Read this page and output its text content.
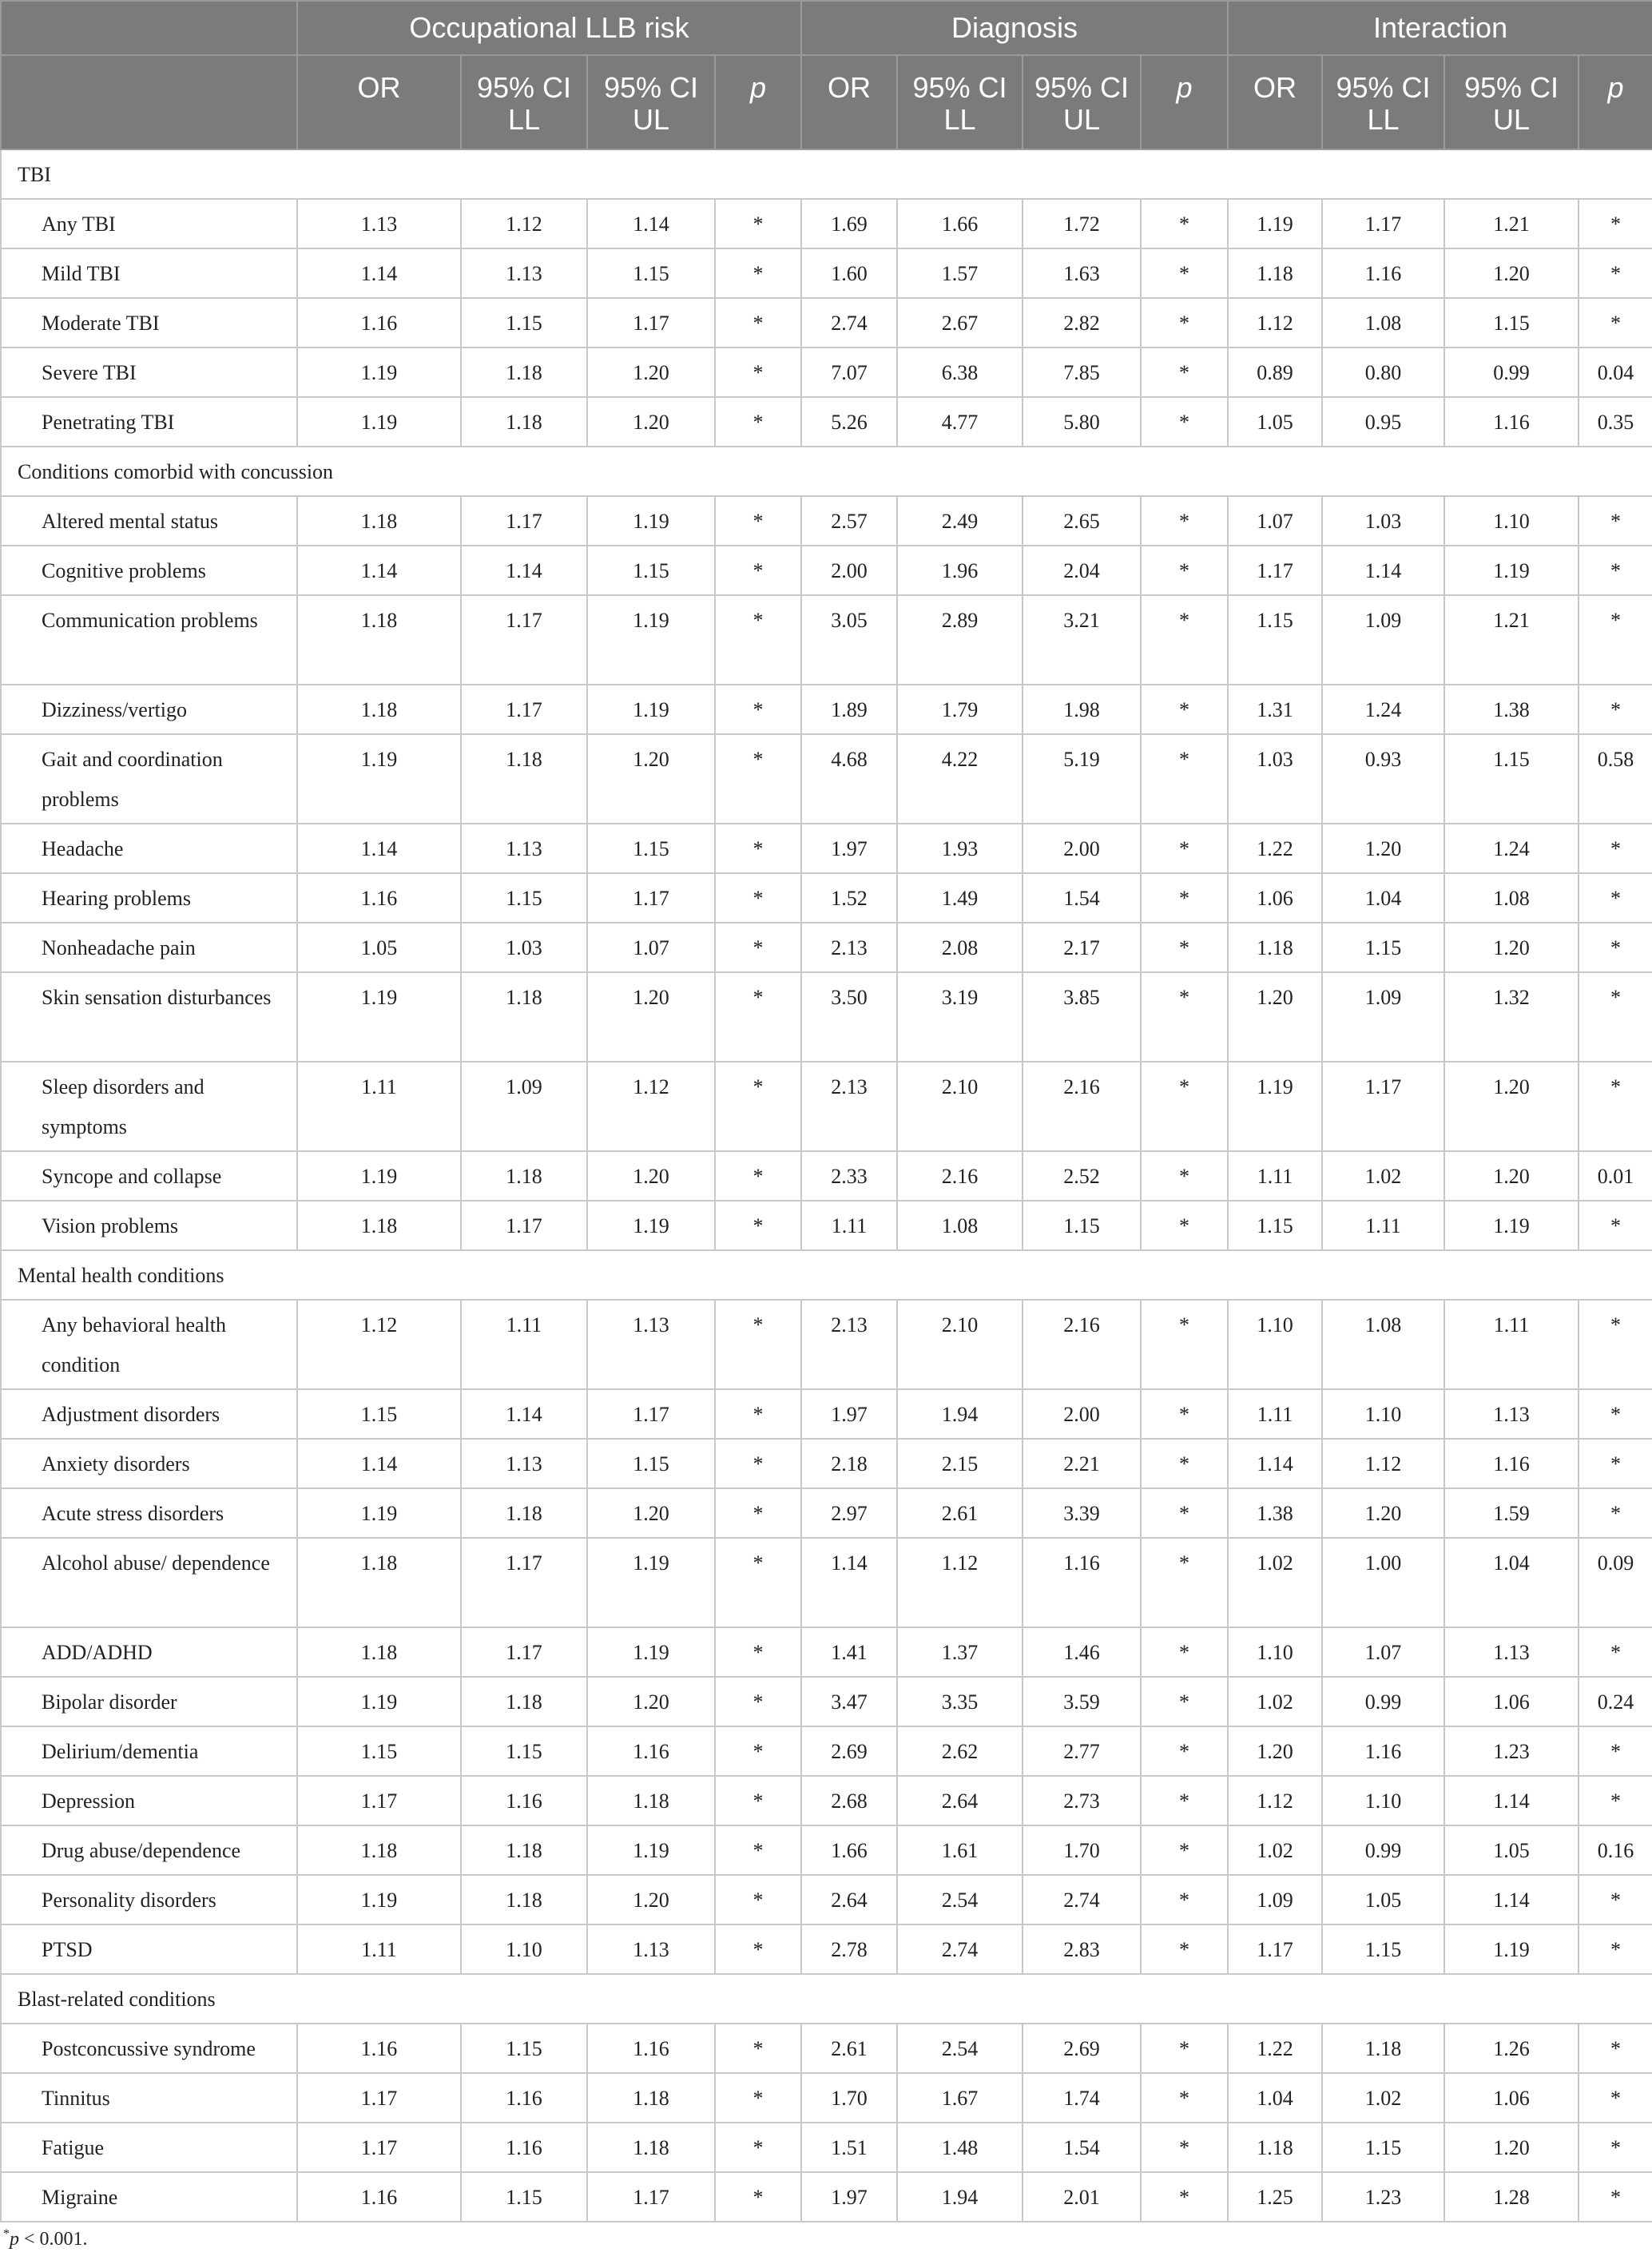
	Occupational LLB risk				Diagnosis				Interaction			
	OR	95% CI LL	95% CI UL	p	OR	95% CI LL	95% CI UL	p	OR	95% CI LL	95% CI UL	p
TBI												
Any TBI	1.13	1.12	1.14	*	1.69	1.66	1.72	*	1.19	1.17	1.21	*
Mild TBI	1.14	1.13	1.15	*	1.60	1.57	1.63	*	1.18	1.16	1.20	*
Moderate TBI	1.16	1.15	1.17	*	2.74	2.67	2.82	*	1.12	1.08	1.15	*
Severe TBI	1.19	1.18	1.20	*	7.07	6.38	7.85	*	0.89	0.80	0.99	0.04
Penetrating TBI	1.19	1.18	1.20	*	5.26	4.77	5.80	*	1.05	0.95	1.16	0.35
Conditions comorbid with concussion												
Altered mental status	1.18	1.17	1.19	*	2.57	2.49	2.65	*	1.07	1.03	1.10	*
Cognitive problems	1.14	1.14	1.15	*	2.00	1.96	2.04	*	1.17	1.14	1.19	*
Communication problems	1.18	1.17	1.19	*	3.05	2.89	3.21	*	1.15	1.09	1.21	*
Dizziness/vertigo	1.18	1.17	1.19	*	1.89	1.79	1.98	*	1.31	1.24	1.38	*
Gait and coordination problems	1.19	1.18	1.20	*	4.68	4.22	5.19	*	1.03	0.93	1.15	0.58
Headache	1.14	1.13	1.15	*	1.97	1.93	2.00	*	1.22	1.20	1.24	*
Hearing problems	1.16	1.15	1.17	*	1.52	1.49	1.54	*	1.06	1.04	1.08	*
Nonheadache pain	1.05	1.03	1.07	*	2.13	2.08	2.17	*	1.18	1.15	1.20	*
Skin sensation disturbances	1.19	1.18	1.20	*	3.50	3.19	3.85	*	1.20	1.09	1.32	*
Sleep disorders and symptoms	1.11	1.09	1.12	*	2.13	2.10	2.16	*	1.19	1.17	1.20	*
Syncope and collapse	1.19	1.18	1.20	*	2.33	2.16	2.52	*	1.11	1.02	1.20	0.01
Vision problems	1.18	1.17	1.19	*	1.11	1.08	1.15	*	1.15	1.11	1.19	*
Mental health conditions												
Any behavioral health condition	1.12	1.11	1.13	*	2.13	2.10	2.16	*	1.10	1.08	1.11	*
Adjustment disorders	1.15	1.14	1.17	*	1.97	1.94	2.00	*	1.11	1.10	1.13	*
Anxiety disorders	1.14	1.13	1.15	*	2.18	2.15	2.21	*	1.14	1.12	1.16	*
Acute stress disorders	1.19	1.18	1.20	*	2.97	2.61	3.39	*	1.38	1.20	1.59	*
Alcohol abuse/ dependence	1.18	1.17	1.19	*	1.14	1.12	1.16	*	1.02	1.00	1.04	0.09
ADD/ADHD	1.18	1.17	1.19	*	1.41	1.37	1.46	*	1.10	1.07	1.13	*
Bipolar disorder	1.19	1.18	1.20	*	3.47	3.35	3.59	*	1.02	0.99	1.06	0.24
Delirium/dementia	1.15	1.15	1.16	*	2.69	2.62	2.77	*	1.20	1.16	1.23	*
Depression	1.17	1.16	1.18	*	2.68	2.64	2.73	*	1.12	1.10	1.14	*
Drug abuse/dependence	1.18	1.18	1.19	*	1.66	1.61	1.70	*	1.02	0.99	1.05	0.16
Personality disorders	1.19	1.18	1.20	*	2.64	2.54	2.74	*	1.09	1.05	1.14	*
PTSD	1.11	1.10	1.13	*	2.78	2.74	2.83	*	1.17	1.15	1.19	*
Blast-related conditions												
Postconcussive syndrome	1.16	1.15	1.16	*	2.61	2.54	2.69	*	1.22	1.18	1.26	*
Tinnitus	1.17	1.16	1.18	*	1.70	1.67	1.74	*	1.04	1.02	1.06	*
Fatigue	1.17	1.16	1.18	*	1.51	1.48	1.54	*	1.18	1.15	1.20	*
Migraine	1.16	1.15	1.17	*	1.97	1.94	2.01	*	1.25	1.23	1.28	*
*p < 0.001.
